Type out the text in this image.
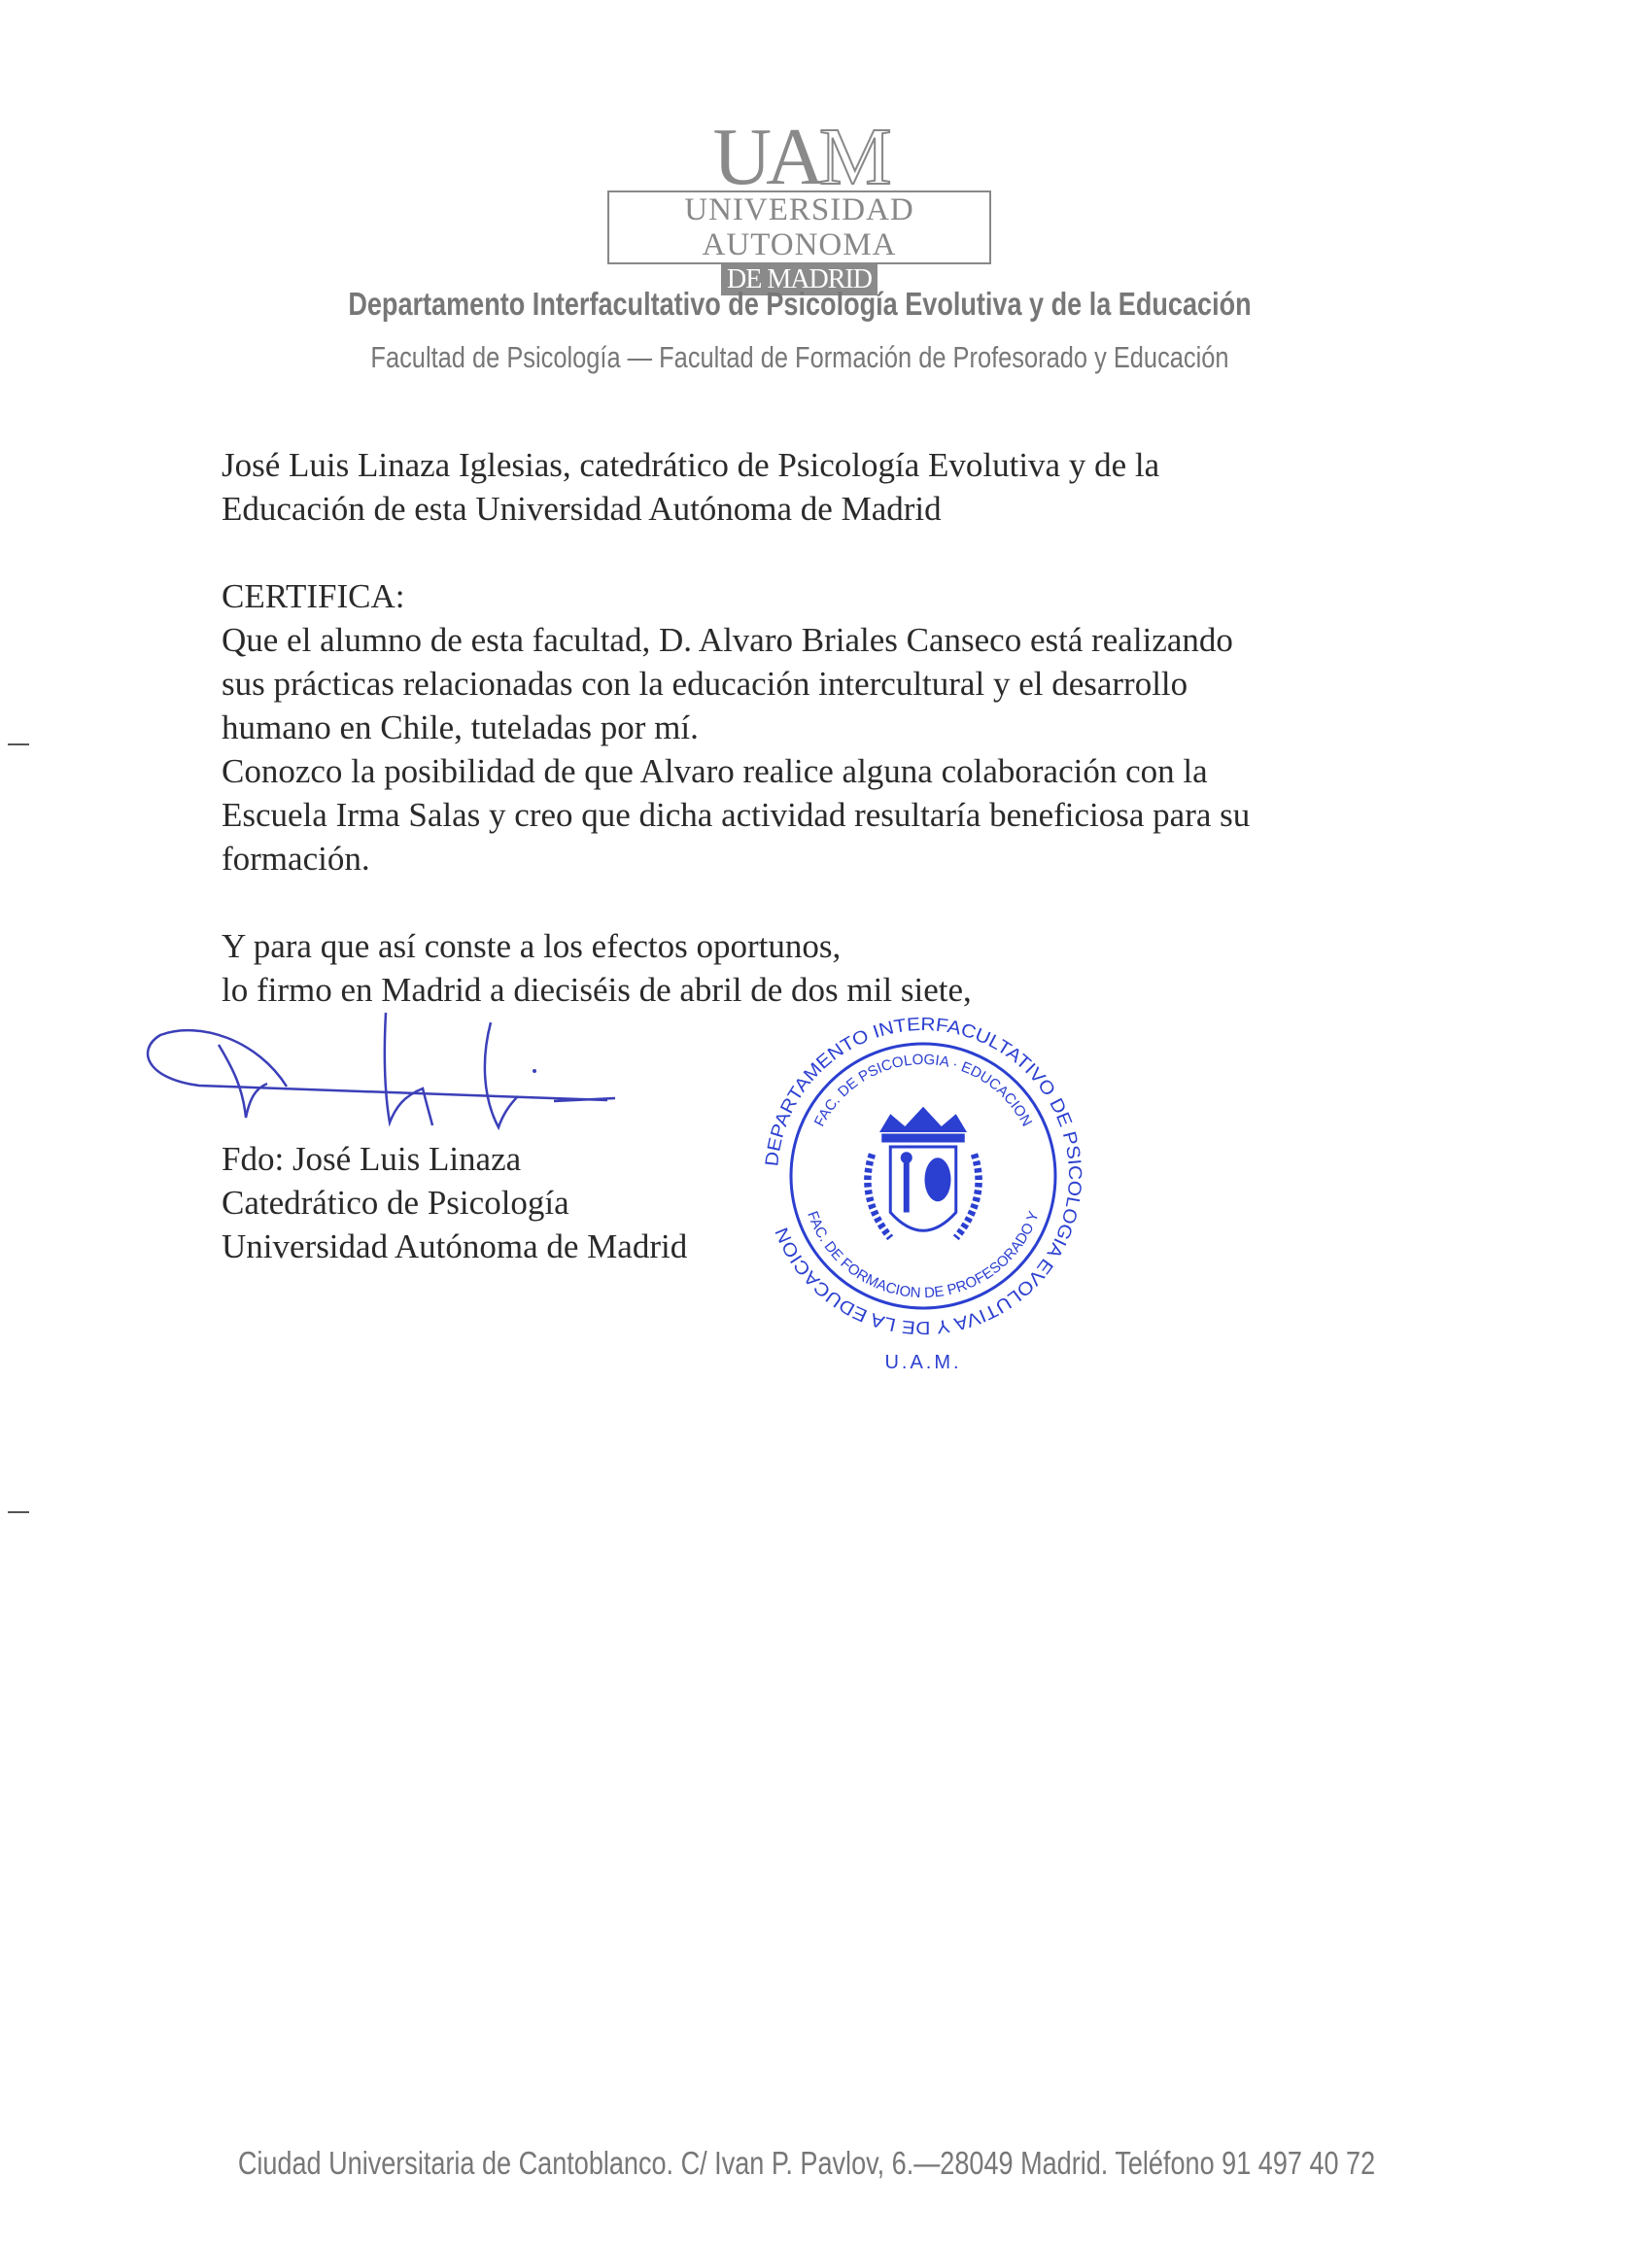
UAM
UNIVERSIDAD AUTONOMA
DE MADRID
Departamento Interfacultativo de Psicología Evolutiva y de la Educación
Facultad de Psicología — Facultad de Formación de Profesorado y Educación

José Luis Linaza Iglesias, catedrático de Psicología Evolutiva y de la

Educación de esta Universidad Autónoma de Madrid

CERTIFICA:

Que el alumno de esta facultad, D. Alvaro Briales Canseco está realizando

sus prácticas relacionadas con la educación intercultural y el desarrollo

humano en Chile, tuteladas por mí.

Conozco la posibilidad de que Alvaro realice alguna colaboración con la

Escuela Irma Salas y creo que dicha actividad resultaría beneficiosa para su

formación.

Y para que así conste a los efectos oportunos,

lo firmo en Madrid a dieciséis de abril de dos mil siete,

Fdo: José Luis Linaza
Catedrático de Psicología
Universidad Autónoma de Madrid
DEPARTAMENTO INTERFACULTATIVO DE PSICOLOGIA EVOLUTIVA Y DE LA EDUCACION
FAC. DE PSICOLOGIA · EDUCACION
FAC. DE FORMACION DE PROFESORADO Y
U.A.M.
Ciudad Universitaria de Cantoblanco. C/ Ivan P. Pavlov, 6.—28049 Madrid. Teléfono 91 497 40 72
